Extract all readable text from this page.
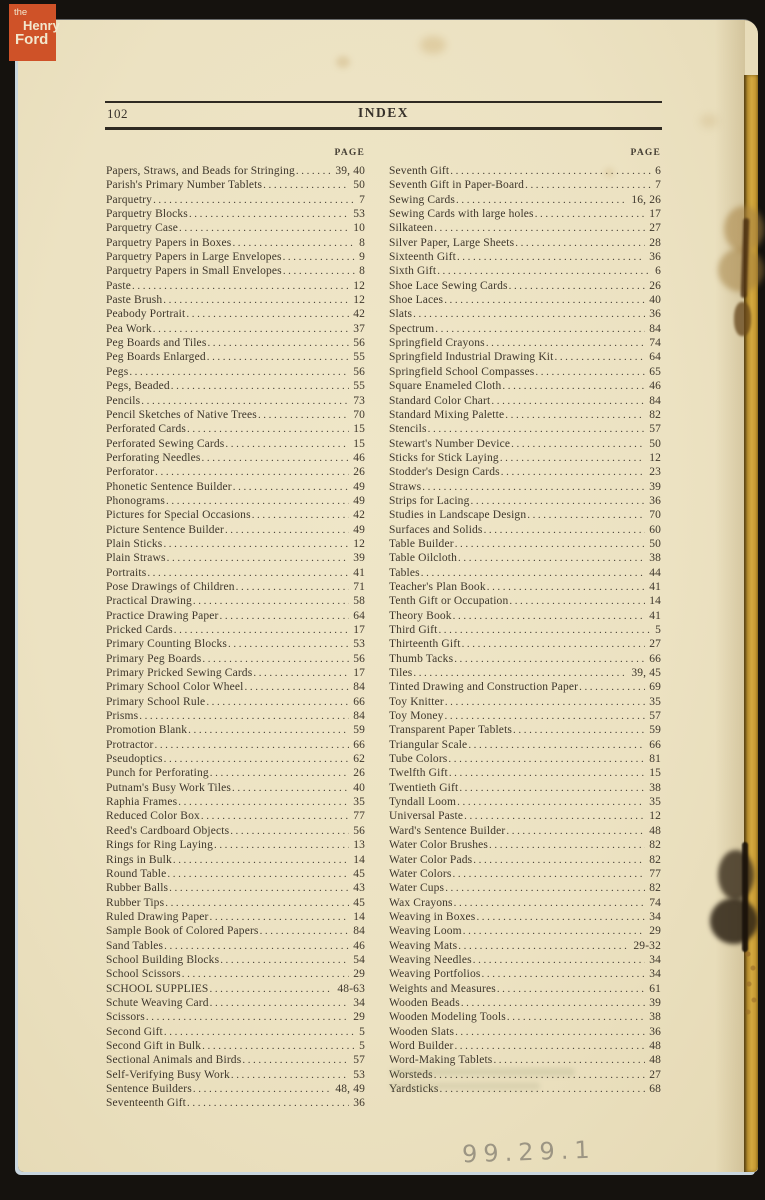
the
Henry
Ford
102	INDEX
PAGE
Papers, Straws, and Beads for Stringing .....	39, 40
Parish's Primary Number Tablets .....	50
Parquetry .....	7
Parquetry Blocks .....	53
Parquetry Case .....	10
Parquetry Papers in Boxes .....	8
Parquetry Papers in Large Envelopes .....	9
Parquetry Papers in Small Envelopes .....	8
Paste .....	12
Paste Brush .....	12
Peabody Portrait .....	42
Pea Work .....	37
Peg Boards and Tiles .....	56
Peg Boards Enlarged .....	55
Pegs .....	56
Pegs, Beaded .....	55
Pencils .....	73
Pencil Sketches of Native Trees .....	70
Perforated Cards .....	15
Perforated Sewing Cards .....	15
Perforating Needles .....	46
Perforator .....	26
Phonetic Sentence Builder .....	49
Phonograms .....	49
Pictures for Special Occasions .....	42
Picture Sentence Builder .....	49
Plain Sticks .....	12
Plain Straws .....	39
Portraits .....	41
Pose Drawings of Children .....	71
Practical Drawing .....	58
Practice Drawing Paper .....	64
Pricked Cards .....	17
Primary Counting Blocks .....	53
Primary Peg Boards .....	56
Primary Pricked Sewing Cards .....	17
Primary School Color Wheel .....	84
Primary School Rule .....	66
Prisms .....	84
Promotion Blank .....	59
Protractor .....	66
Pseudoptics .....	62
Punch for Perforating .....	26
Putnam's Busy Work Tiles .....	40
Raphia Frames .....	35
Reduced Color Box .....	77
Reed's Cardboard Objects .....	56
Rings for Ring Laying .....	13
Rings in Bulk .....	14
Round Table .....	45
Rubber Balls .....	43
Rubber Tips .....	45
Ruled Drawing Paper .....	14
Sample Book of Colored Papers .....	84
Sand Tables .....	46
School Building Blocks .....	54
School Scissors .....	29
SCHOOL SUPPLIES .....	48-63
Schute Weaving Card .....	34
Scissors .....	29
Second Gift .....	5
Second Gift in Bulk .....	5
Sectional Animals and Birds .....	57
Self-Verifying Busy Work .....	53
Sentence Builders .....	48, 49
Seventeenth Gift .....	36
PAGE
Seventh Gift .....	6
Seventh Gift in Paper-Board .....	7
Sewing Cards .....	16, 26
Sewing Cards with large holes .....	17
Silkateen .....	27
Silver Paper, Large Sheets .....	28
Sixteenth Gift .....	36
Sixth Gift .....	6
Shoe Lace Sewing Cards .....	26
Shoe Laces .....	40
Slats .....	36
Spectrum .....	84
Springfield Crayons .....	74
Springfield Industrial Drawing Kit .....	64
Springfield School Compasses .....	65
Square Enameled Cloth .....	46
Standard Color Chart .....	84
Standard Mixing Palette .....	82
Stencils .....	57
Stewart's Number Device .....	50
Sticks for Stick Laying .....	12
Stodder's Design Cards .....	23
Straws .....	39
Strips for Lacing .....	36
Studies in Landscape Design .....	70
Surfaces and Solids .....	60
Table Builder .....	50
Table Oilcloth .....	38
Tables .....	44
Teacher's Plan Book .....	41
Tenth Gift or Occupation .....	14
Theory Book .....	41
Third Gift .....	5
Thirteenth Gift .....	27
Thumb Tacks .....	66
Tiles .....	39, 45
Tinted Drawing and Construction Paper .....	69
Toy Knitter .....	35
Toy Money .....	57
Transparent Paper Tablets .....	59
Triangular Scale .....	66
Tube Colors .....	81
Twelfth Gift .....	15
Twentieth Gift .....	38
Tyndall Loom .....	35
Universal Paste .....	12
Ward's Sentence Builder .....	48
Water Color Brushes .....	82
Water Color Pads .....	82
Water Colors .....	77
Water Cups .....	82
Wax Crayons .....	74
Weaving in Boxes .....	34
Weaving Loom .....	29
Weaving Mats .....	29-32
Weaving Needles .....	34
Weaving Portfolios .....	34
Weights and Measures .....	61
Wooden Beads .....	39
Wooden Modeling Tools .....	38
Wooden Slats .....	36
Word Builder .....	48
Word-Making Tablets .....	48
Worsteds .....	27
Yardsticks .....	68
99.29.1
